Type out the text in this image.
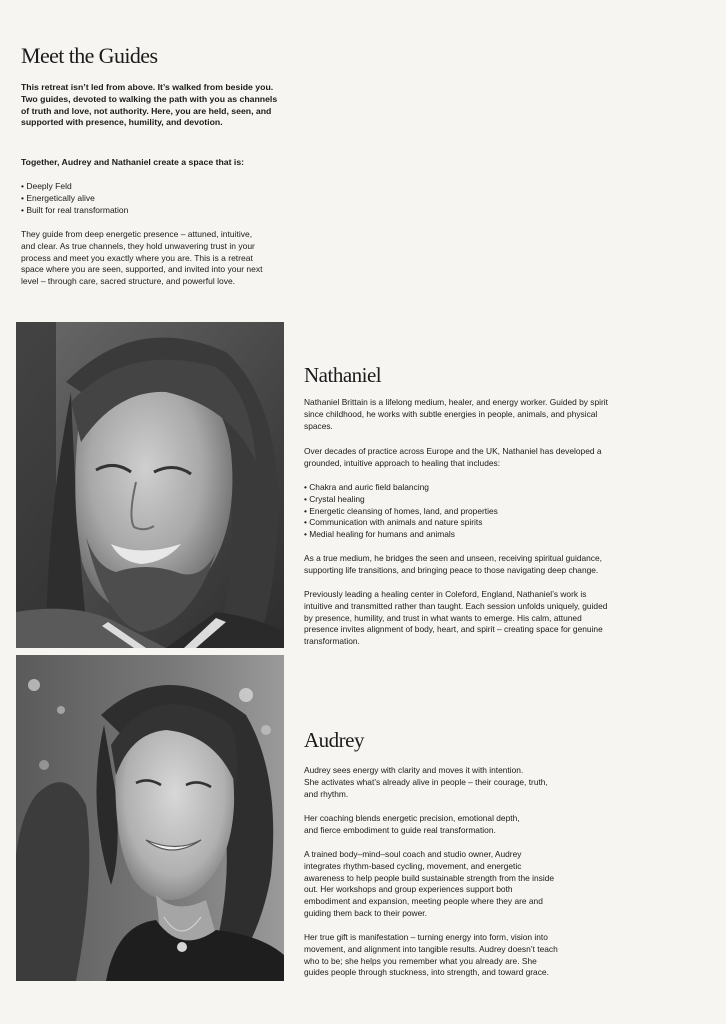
Meet the Guides

This retreat isn’t led from above. It’s walked from beside you.
Two guides, devoted to walking the path with you as channels
of truth and love, not authority. Here, you are held, seen, and
supported with presence, humility, and devotion.

Together, Audrey and Nathaniel create a space that is:

• Deeply Feld
• Energetically alive
• Built for real transformation

They guide from deep energetic presence – attuned, intuitive,
and clear. As true channels, they hold unwavering trust in your
process and meet you exactly where you are. This is a retreat
space where you are seen, supported, and invited into your next
level – through care, sacred structure, and powerful love.

Nathaniel

Nathaniel Brittain is a lifelong medium, healer, and energy worker. Guided by spirit
since childhood, he works with subtle energies in people, animals, and physical
spaces.

Over decades of practice across Europe and the UK, Nathaniel has developed a
grounded, intuitive approach to healing that includes:

• Chakra and auric field balancing
• Crystal healing
• Energetic cleansing of homes, land, and properties
• Communication with animals and nature spirits
• Medial healing for humans and animals

As a true medium, he bridges the seen and unseen, receiving spiritual guidance,
supporting life transitions, and bringing peace to those navigating deep change.

Previously leading a healing center in Coleford, England, Nathaniel’s work is
intuitive and transmitted rather than taught. Each session unfolds uniquely, guided
by presence, humility, and trust in what wants to emerge. His calm, attuned
presence invites alignment of body, heart, and spirit – creating space for genuine
transformation.

Audrey

Audrey sees energy with clarity and moves it with intention.
She activates what’s already alive in people – their courage, truth,
and rhythm.

Her coaching blends energetic precision, emotional depth,
and fierce embodiment to guide real transformation.

A trained body–mind–soul coach and studio owner, Audrey
integrates rhythm-based cycling, movement, and energetic
awareness to help people build sustainable strength from the inside
out. Her workshops and group experiences support both
embodiment and expansion, meeting people where they are and
guiding them back to their power.

Her true gift is manifestation – turning energy into form, vision into
movement, and alignment into tangible results. Audrey doesn’t teach
who to be; she helps you remember what you already are. She
guides people through stuckness, into strength, and toward grace.
